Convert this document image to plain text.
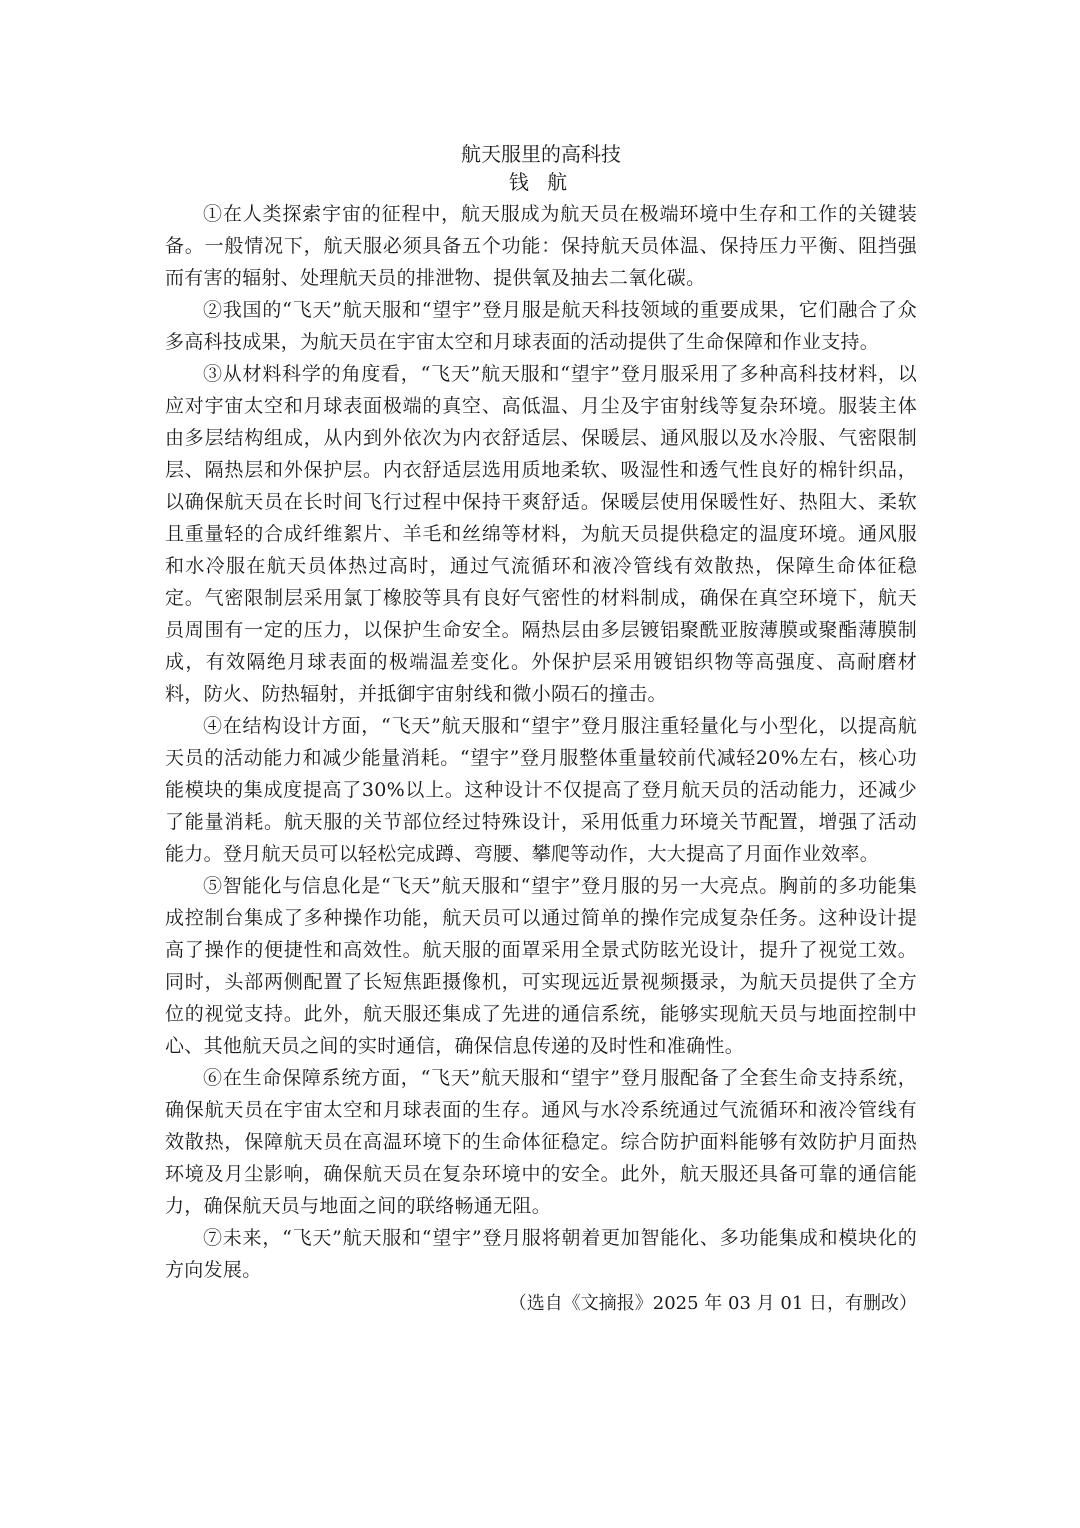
航天服里的高科技
钱 航

①在人类探索宇宙的征程中，航天服成为航天员在极端环境中生存和工作的关键装备。一般情况下，航天服必须具备五个功能：保持航天员体温、保持压力平衡、阻挡强而有害的辐射、处理航天员的排泄物、提供氧及抽去二氧化碳。

②我国的“飞天”航天服和“望宇”登月服是航天科技领域的重要成果，它们融合了众多高科技成果，为航天员在宇宙太空和月球表面的活动提供了生命保障和作业支持。

③从材料科学的角度看，“飞天”航天服和“望宇”登月服采用了多种高科技材料，以应对宇宙太空和月球表面极端的真空、高低温、月尘及宇宙射线等复杂环境。服装主体由多层结构组成，从内到外依次为内衣舒适层、保暖层、通风服以及水冷服、气密限制层、隔热层和外保护层。内衣舒适层选用质地柔软、吸湿性和透气性良好的棉针织品，以确保航天员在长时间飞行过程中保持干爽舒适。保暖层使用保暖性好、热阻大、柔软且重量轻的合成纤维絮片、羊毛和丝绵等材料，为航天员提供稳定的温度环境。通风服和水冷服在航天员体热过高时，通过气流循环和液冷管线有效散热，保障生命体征稳定。气密限制层采用氯丁橡胶等具有良好气密性的材料制成，确保在真空环境下，航天员周围有一定的压力，以保护生命安全。隔热层由多层镀铝聚酰亚胺薄膜或聚酯薄膜制成，有效隔绝月球表面的极端温差变化。外保护层采用镀铝织物等高强度、高耐磨材料，防火、防热辐射，并抵御宇宙射线和微小陨石的撞击。

④在结构设计方面，“飞天”航天服和“望宇”登月服注重轻量化与小型化，以提高航天员的活动能力和减少能量消耗。“望宇”登月服整体重量较前代减轻20%左右，核心功能模块的集成度提高了30%以上。这种设计不仅提高了登月航天员的活动能力，还减少了能量消耗。航天服的关节部位经过特殊设计，采用低重力环境关节配置，增强了活动能力。登月航天员可以轻松完成蹲、弯腰、攀爬等动作，大大提高了月面作业效率。

⑤智能化与信息化是“飞天”航天服和“望宇”登月服的另一大亮点。胸前的多功能集成控制台集成了多种操作功能，航天员可以通过简单的操作完成复杂任务。这种设计提高了操作的便捷性和高效性。航天服的面罩采用全景式防眩光设计，提升了视觉工效。同时，头部两侧配置了长短焦距摄像机，可实现远近景视频摄录，为航天员提供了全方位的视觉支持。此外，航天服还集成了先进的通信系统，能够实现航天员与地面控制中心、其他航天员之间的实时通信，确保信息传递的及时性和准确性。

⑥在生命保障系统方面，“飞天”航天服和“望宇”登月服配备了全套生命支持系统，确保航天员在宇宙太空和月球表面的生存。通风与水冷系统通过气流循环和液冷管线有效散热，保障航天员在高温环境下的生命体征稳定。综合防护面料能够有效防护月面热环境及月尘影响，确保航天员在复杂环境中的安全。此外，航天服还具备可靠的通信能力，确保航天员与地面之间的联络畅通无阻。

⑦未来，“飞天”航天服和“望宇”登月服将朝着更加智能化、多功能集成和模块化的方向发展。

（选自《文摘报》2025 年 03 月 01 日，有删改）
